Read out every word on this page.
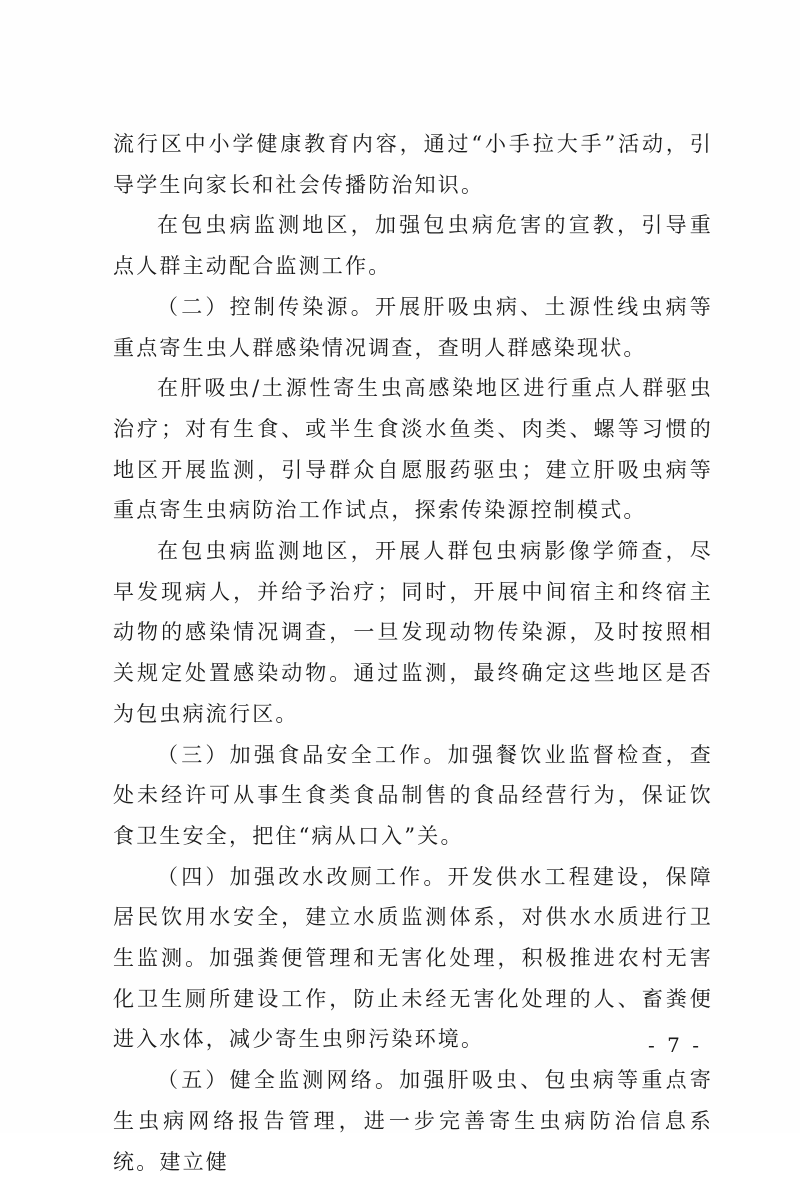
流行区中小学健康教育内容，通过“小手拉大手”活动，引导学生向家长和社会传播防治知识。

在包虫病监测地区，加强包虫病危害的宣教，引导重点人群主动配合监测工作。

（二）控制传染源。开展肝吸虫病、土源性线虫病等重点寄生虫人群感染情况调查，查明人群感染现状。

在肝吸虫/土源性寄生虫高感染地区进行重点人群驱虫治疗；对有生食、或半生食淡水鱼类、肉类、螺等习惯的地区开展监测，引导群众自愿服药驱虫；建立肝吸虫病等重点寄生虫病防治工作试点，探索传染源控制模式。

在包虫病监测地区，开展人群包虫病影像学筛查，尽早发现病人，并给予治疗；同时，开展中间宿主和终宿主动物的感染情况调查，一旦发现动物传染源，及时按照相关规定处置感染动物。通过监测，最终确定这些地区是否为包虫病流行区。

（三）加强食品安全工作。加强餐饮业监督检查，查处未经许可从事生食类食品制售的食品经营行为，保证饮食卫生安全，把住“病从口入”关。

（四）加强改水改厕工作。开发供水工程建设，保障居民饮用水安全，建立水质监测体系，对供水水质进行卫生监测。加强粪便管理和无害化处理，积极推进农村无害化卫生厕所建设工作，防止未经无害化处理的人、畜粪便进入水体，减少寄生虫卵污染环境。

（五）健全监测网络。加强肝吸虫、包虫病等重点寄生虫病网络报告管理，进一步完善寄生虫病防治信息系统。建立健

- 7 -
